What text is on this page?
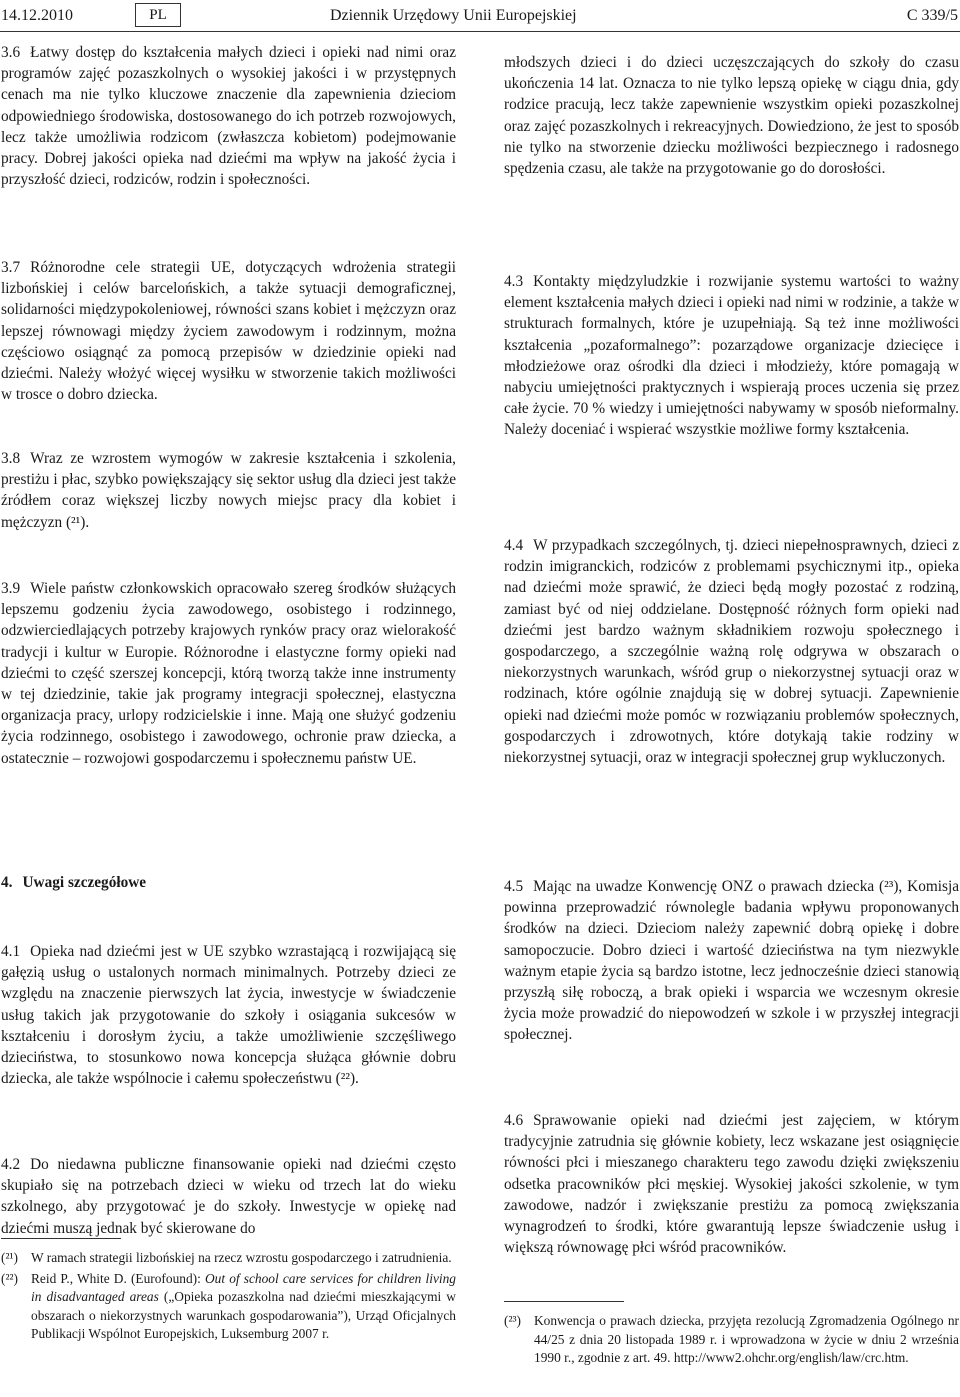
14.12.2010	PL	Dziennik Urzędowy Unii Europejskiej	C 339/5

3.6 Łatwy dostęp do kształcenia małych dzieci i opieki nad nimi oraz programów zajęć pozaszkolnych o wysokiej jakości i w przystępnych cenach ma nie tylko kluczowe znaczenie dla zapewnienia dzieciom odpowiedniego środowiska, dostosowanego do ich potrzeb rozwojowych, lecz także umożliwia rodzicom (zwłaszcza kobietom) podejmowanie pracy. Dobrej jakości opieka nad dziećmi ma wpływ na jakość życia i przyszłość dzieci, rodziców, rodzin i społeczności.

3.7 Różnorodne cele strategii UE, dotyczących wdrożenia strategii lizbońskiej i celów barcelońskich, a także sytuacji demograficznej, solidarności międzypokoleniowej, równości szans kobiet i mężczyzn oraz lepszej równowagi między życiem zawodowym i rodzinnym, można częściowo osiągnąć za pomocą przepisów w dziedzinie opieki nad dziećmi. Należy włożyć więcej wysiłku w stworzenie takich możliwości w trosce o dobro dziecka.

3.8 Wraz ze wzrostem wymogów w zakresie kształcenia i szkolenia, prestiżu i płac, szybko powiększający się sektor usług dla dzieci jest także źródłem coraz większej liczby nowych miejsc pracy dla kobiet i mężczyzn (²¹).

3.9 Wiele państw członkowskich opracowało szereg środków służących lepszemu godzeniu życia zawodowego, osobistego i rodzinnego, odzwierciedlających potrzeby krajowych rynków pracy oraz wielorakość tradycji i kultur w Europie. Różnorodne i elastyczne formy opieki nad dziećmi to część szerszej koncepcji, którą tworzą także inne instrumenty w tej dziedzinie, takie jak programy integracji społecznej, elastyczna organizacja pracy, urlopy rodzicielskie i inne. Mają one służyć godzeniu życia rodzinnego, osobistego i zawodowego, ochronie praw dziecka, a ostatecznie – rozwojowi gospodarczemu i społecznemu państw UE.

4. Uwagi szczegółowe

4.1 Opieka nad dziećmi jest w UE szybko wzrastającą i rozwijającą się gałęzią usług o ustalonych normach minimalnych. Potrzeby dzieci ze względu na znaczenie pierwszych lat życia, inwestycje w świadczenie usług takich jak przygotowanie do szkoły i osiągania sukcesów w kształceniu i dorosłym życiu, a także umożliwienie szczęśliwego dzieciństwa, to stosunkowo nowa koncepcja służąca głównie dobru dziecka, ale także wspólnocie i całemu społeczeństwu (²²).

4.2 Do niedawna publiczne finansowanie opieki nad dziećmi często skupiało się na potrzebach dzieci w wieku od trzech lat do wieku szkolnego, aby przygotować je do szkoły. Inwestycje w opiekę nad dziećmi muszą jednak być skierowane do

(²¹) W ramach strategii lizbońskiej na rzecz wzrostu gospodarczego i zatrudnienia.
(²²) Reid P., White D. (Eurofound): Out of school care services for children living in disadvantaged areas („Opieka pozaszkolna nad dziećmi mieszkającymi w obszarach o niekorzystnych warunkach gospodarowania”), Urząd Oficjalnych Publikacji Wspólnot Europejskich, Luksemburg 2007 r.

młodszych dzieci i do dzieci uczęszczających do szkoły do czasu ukończenia 14 lat. Oznacza to nie tylko lepszą opiekę w ciągu dnia, gdy rodzice pracują, lecz także zapewnienie wszystkim opieki pozaszkolnej oraz zajęć pozaszkolnych i rekreacyjnych. Dowiedziono, że jest to sposób nie tylko na stworzenie dziecku możliwości bezpiecznego i radosnego spędzenia czasu, ale także na przygotowanie go do dorosłości.

4.3 Kontakty międzyludzkie i rozwijanie systemu wartości to ważny element kształcenia małych dzieci i opieki nad nimi w rodzinie, a także w strukturach formalnych, które je uzupełniają. Są też inne możliwości kształcenia „pozaformalnego”: pozarządowe organizacje dziecięce i młodzieżowe oraz ośrodki dla dzieci i młodzieży, które pomagają w nabyciu umiejętności praktycznych i wspierają proces uczenia się przez całe życie. 70 % wiedzy i umiejętności nabywamy w sposób nieformalny. Należy doceniać i wspierać wszystkie możliwe formy kształcenia.

4.4 W przypadkach szczególnych, tj. dzieci niepełnosprawnych, dzieci z rodzin imigranckich, rodziców z problemami psychicznymi itp., opieka nad dziećmi może sprawić, że dzieci będą mogły pozostać z rodziną, zamiast być od niej oddzielane. Dostępność różnych form opieki nad dziećmi jest bardzo ważnym składnikiem rozwoju społecznego i gospodarczego, a szczególnie ważną rolę odgrywa w obszarach o niekorzystnych warunkach, wśród grup o niekorzystnej sytuacji oraz w rodzinach, które ogólnie znajdują się w dobrej sytuacji. Zapewnienie opieki nad dziećmi może pomóc w rozwiązaniu problemów społecznych, gospodarczych i zdrowotnych, które dotykają takie rodziny w niekorzystnej sytuacji, oraz w integracji społecznej grup wykluczonych.

4.5 Mając na uwadze Konwencję ONZ o prawach dziecka (²³), Komisja powinna przeprowadzić równolegle badania wpływu proponowanych środków na dzieci. Dzieciom należy zapewnić dobrą opiekę i dobre samopoczucie. Dobro dzieci i wartość dzieciństwa na tym niezwykle ważnym etapie życia są bardzo istotne, lecz jednocześnie dzieci stanowią przyszłą siłę roboczą, a brak opieki i wsparcia we wczesnym okresie życia może prowadzić do niepowodzeń w szkole i w przyszłej integracji społecznej.

4.6 Sprawowanie opieki nad dziećmi jest zajęciem, w którym tradycyjnie zatrudnia się głównie kobiety, lecz wskazane jest osiągnięcie równości płci i mieszanego charakteru tego zawodu dzięki zwiększeniu odsetka pracowników płci męskiej. Wysokiej jakości szkolenie, w tym zawodowe, nadzór i zwiększanie prestiżu za pomocą zwiększania wynagrodzeń to środki, które gwarantują lepsze świadczenie usług i większą równowagę płci wśród pracowników.

(²³) Konwencja o prawach dziecka, przyjęta rezolucją Zgromadzenia Ogólnego nr 44/25 z dnia 20 listopada 1989 r. i wprowadzona w życie w dniu 2 września 1990 r., zgodnie z art. 49. http://www2.ohchr.org/english/law/crc.htm.
